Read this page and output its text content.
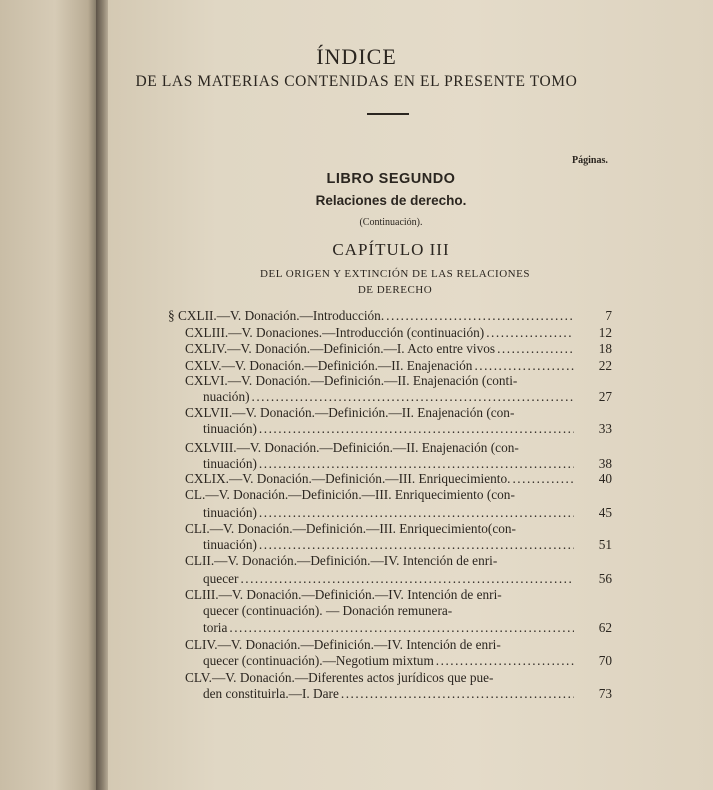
ÍNDICE
DE LAS MATERIAS CONTENIDAS EN EL PRESENTE TOMO
Páginas.
LIBRO SEGUNDO
Relaciones de derecho.
(Continuación).
CAPÍTULO III
DEL ORIGEN Y EXTINCIÓN DE LAS RELACIONES
DE DERECHO
7
§ CXLII.—V. Donación.—Introducción.
.....
12
CXLIII.—V. Donaciones.—Introducción (continuación)
.....
18
CXLIV.—V. Donación.—Definición.—I. Acto entre vivos
.....
22
CXLV.—V. Donación.—Definición.—II. Enajenación
.....
CXLVI.—V. Donación.—Definición.—II. Enajenación (conti-
27
nuación)
.....
CXLVII.—V. Donación.—Definición.—II. Enajenación (con-
33
tinuación)
.....
CXLVIII.—V. Donación.—Definición.—II. Enajenación (con-
38
tinuación)
.....
40
CXLIX.—V. Donación.—Definición.—III. Enriquecimiento.
.....
CL.—V. Donación.—Definición.—III. Enriquecimiento (con-
45
tinuación)
.....
CLI.—V. Donación.—Definición.—III. Enriquecimiento(con-
51
tinuación)
.....
CLII.—V. Donación.—Definición.—IV. Intención de enri-
56
quecer
.....
CLIII.—V. Donación.—Definición.—IV. Intención de enri-
quecer (continuación). — Donación remunera-
62
toria
.....
CLIV.—V. Donación.—Definición.—IV. Intención de enri-
70
quecer (continuación).—Negotium mixtum
.....
CLV.—V. Donación.—Diferentes actos jurídicos que pue-
73
den constituirla.—I. Dare
.....
